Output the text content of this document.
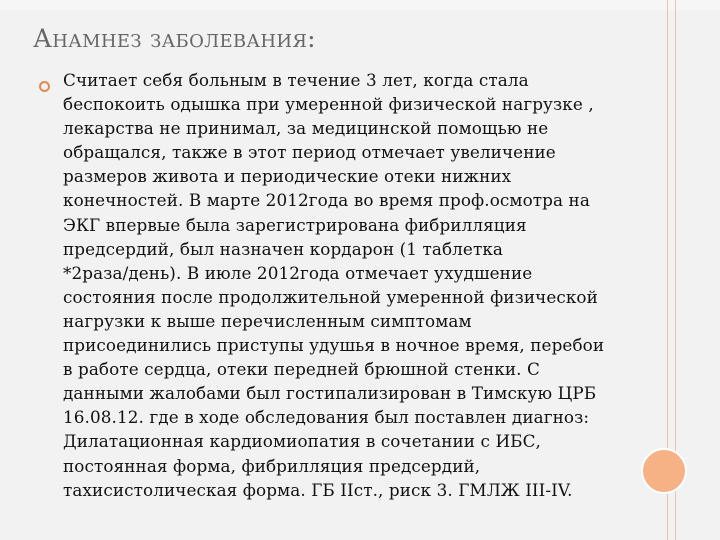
Анамнез заболевания:
Считает себя больным в течение 3 лет, когда стала
беспокоить одышка при умеренной физической нагрузке ,
лекарства не принимал, за медицинской помощью не
обращался, также в этот период отмечает увеличение
размеров живота и периодические отеки нижних
конечностей. В марте 2012года во время проф.осмотра на
ЭКГ впервые была зарегистрирована фибрилляция
предсердий, был назначен кордарон (1 таблетка
*2раза/день). В июле 2012года отмечает ухудшение
состояния после продолжительной умеренной физической
нагрузки к выше перечисленным симптомам
присоединились приступы удушья в ночное время, перебои
в работе сердца, отеки передней брюшной стенки. С
данными жалобами был гостипализирован в Тимскую ЦРБ
16.08.12. где в ходе обследования был поставлен диагноз:
Дилатационная кардиомиопатия в сочетании с ИБС,
постоянная форма, фибрилляция предсердий,
тахисистолическая форма. ГБ IIст., риск 3. ГМЛЖ III-IV.
